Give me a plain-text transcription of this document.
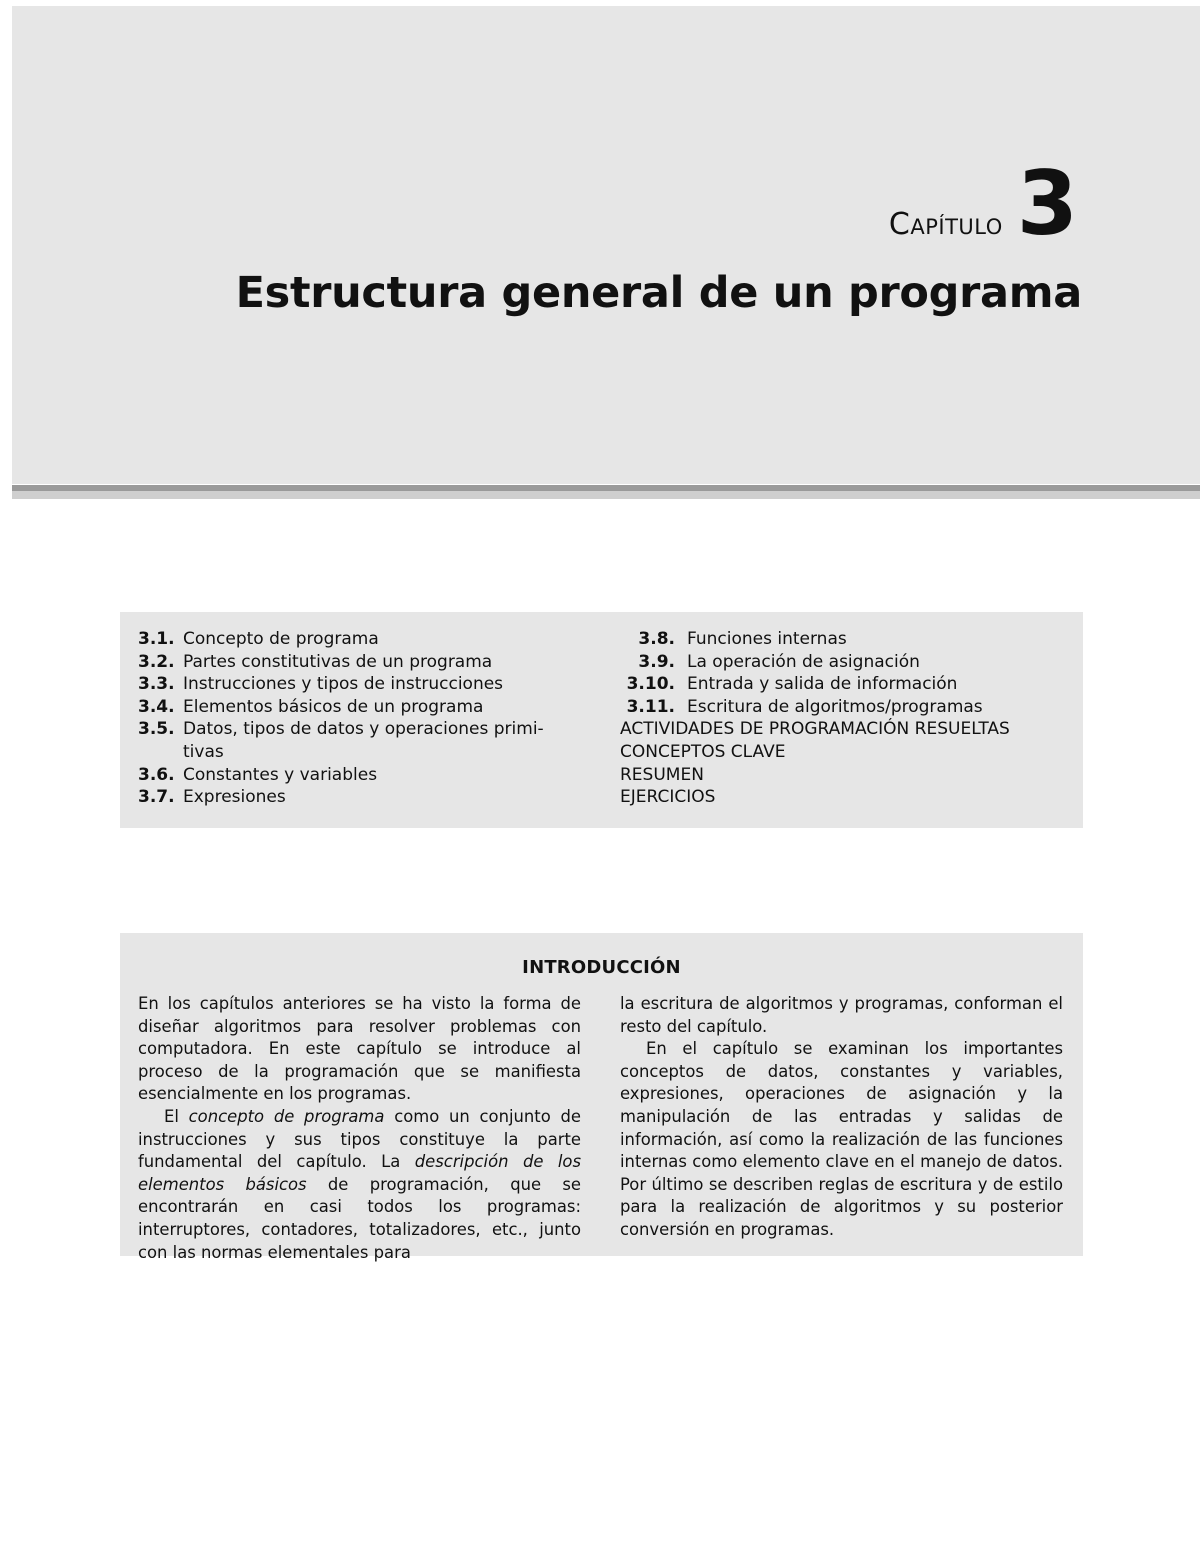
Capítulo 3
Estructura general de un programa
3.1. Concepto de programa
3.2. Partes constitutivas de un programa
3.3. Instrucciones y tipos de instrucciones
3.4. Elementos básicos de un programa
3.5. Datos, tipos de datos y operaciones primi-
tivas
3.6. Constantes y variables
3.7. Expresiones
3.8. Funciones internas
3.9. La operación de asignación
3.10. Entrada y salida de información
3.11. Escritura de algoritmos/programas
ACTIVIDADES DE PROGRAMACIÓN RESUELTAS
CONCEPTOS CLAVE
RESUMEN
EJERCICIOS
INTRODUCCIÓN

En los capítulos anteriores se ha visto la forma de diseñar algoritmos para resolver problemas con computadora. En este capítulo se introduce al proceso de la programación que se manifiesta esencialmente en los programas.

El concepto de programa como un conjunto de instrucciones y sus tipos constituye la parte fundamental del capítulo. La descripción de los elementos básicos de programación, que se encontrarán en casi todos los programas: interruptores, contadores, totalizadores, etc., junto con las normas elementales para

la escritura de algoritmos y programas, conforman el resto del capítulo.

En el capítulo se examinan los importantes conceptos de datos, constantes y variables, expresiones, operaciones de asignación y la manipulación de las entradas y salidas de información, así como la realización de las funciones internas como elemento clave en el manejo de datos. Por último se describen reglas de escritura y de estilo para la realización de algoritmos y su posterior conversión en programas.
